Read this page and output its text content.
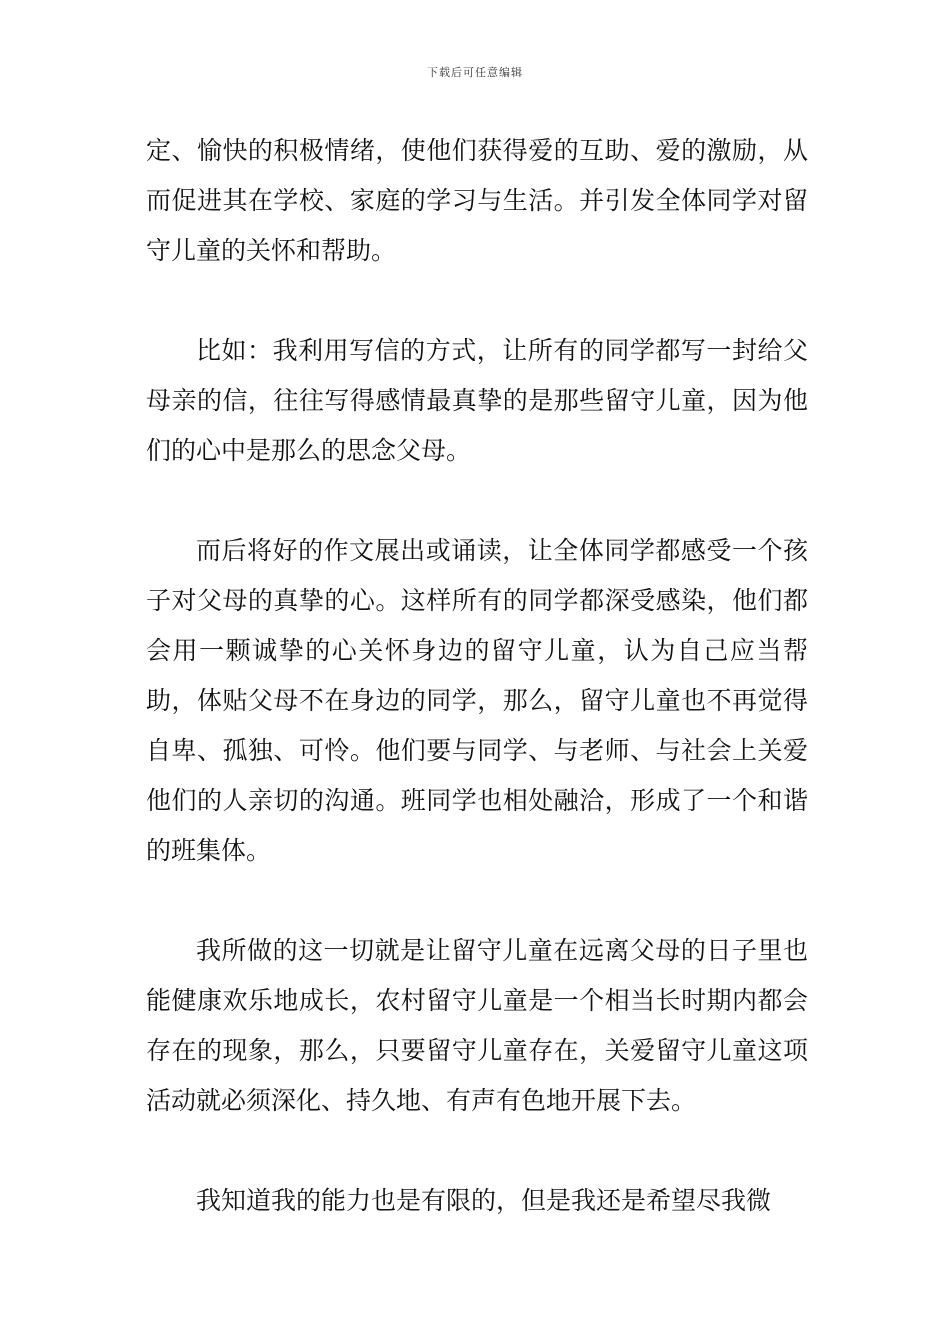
下载后可任意编辑

定、愉快的积极情绪，使他们获得爱的互助、爱的激励，从而促进其在学校、家庭的学习与生活。并引发全体同学对留守儿童的关怀和帮助。

比如：我利用写信的方式，让所有的同学都写一封给父母亲的信，往往写得感情最真挚的是那些留守儿童，因为他们的心中是那么的思念父母。

而后将好的作文展出或诵读，让全体同学都感受一个孩子对父母的真挚的心。这样所有的同学都深受感染，他们都会用一颗诚挚的心关怀身边的留守儿童，认为自己应当帮助，体贴父母不在身边的同学，那么，留守儿童也不再觉得自卑、孤独、可怜。他们要与同学、与老师、与社会上关爱他们的人亲切的沟通。班同学也相处融洽，形成了一个和谐的班集体。

我所做的这一切就是让留守儿童在远离父母的日子里也能健康欢乐地成长，农村留守儿童是一个相当长时期内都会存在的现象，那么，只要留守儿童存在，关爱留守儿童这项活动就必须深化、持久地、有声有色地开展下去。

我知道我的能力也是有限的，但是我还是希望尽我微
